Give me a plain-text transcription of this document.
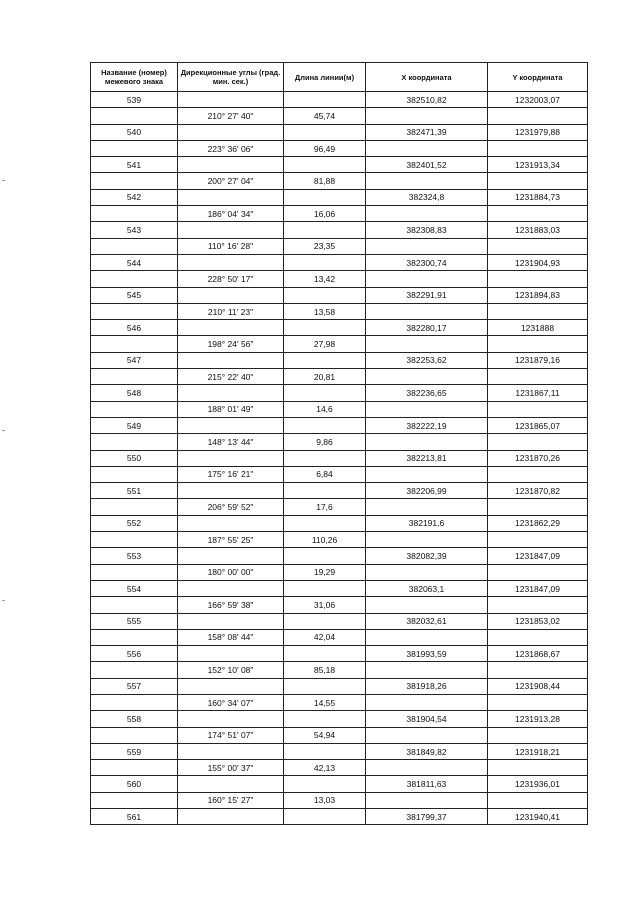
Название (номер) межевого знака	Дирекционные углы (град. мин. сек.)	Длина линии(м)	X координата	Y координата
539			382510,82	1232003,07
	210° 27' 40"	45,74		
540			382471,39	1231979,88
	223° 36' 06"	96,49		
541			382401,52	1231913,34
	200° 27' 04"	81,88		
542			382324,8	1231884,73
	186° 04' 34"	16,06		
543			382308,83	1231883,03
	110° 16' 28"	23,35		
544			382300,74	1231904,93
	228° 50' 17"	13,42		
545			382291,91	1231894,83
	210° 11' 23"	13,58		
546			382280,17	1231888
	198° 24' 56"	27,98		
547			382253,62	1231879,16
	215° 22' 40"	20,81		
548			382236,65	1231867,11
	188° 01' 49"	14,6		
549			382222,19	1231865,07
	148° 13' 44"	9,86		
550			382213,81	1231870,26
	175° 16' 21"	6,84		
551			382206,99	1231870,82
	206° 59' 52"	17,6		
552			382191,6	1231862,29
	187° 55' 25"	110,26		
553			382082,39	1231847,09
	180° 00' 00"	19,29		
554			382063,1	1231847,09
	166° 59' 38"	31,06		
555			382032,61	1231853,02
	158° 08' 44"	42,04		
556			381993,59	1231868,67
	152° 10' 08"	85,18		
557			381918,26	1231908,44
	160° 34' 07"	14,55		
558			381904,54	1231913,28
	174° 51' 07"	54,94		
559			381849,82	1231918,21
	155° 00' 37"	42,13		
560			381811,63	1231936,01
	160° 15' 27"	13,03		
561			381799,37	1231940,41
